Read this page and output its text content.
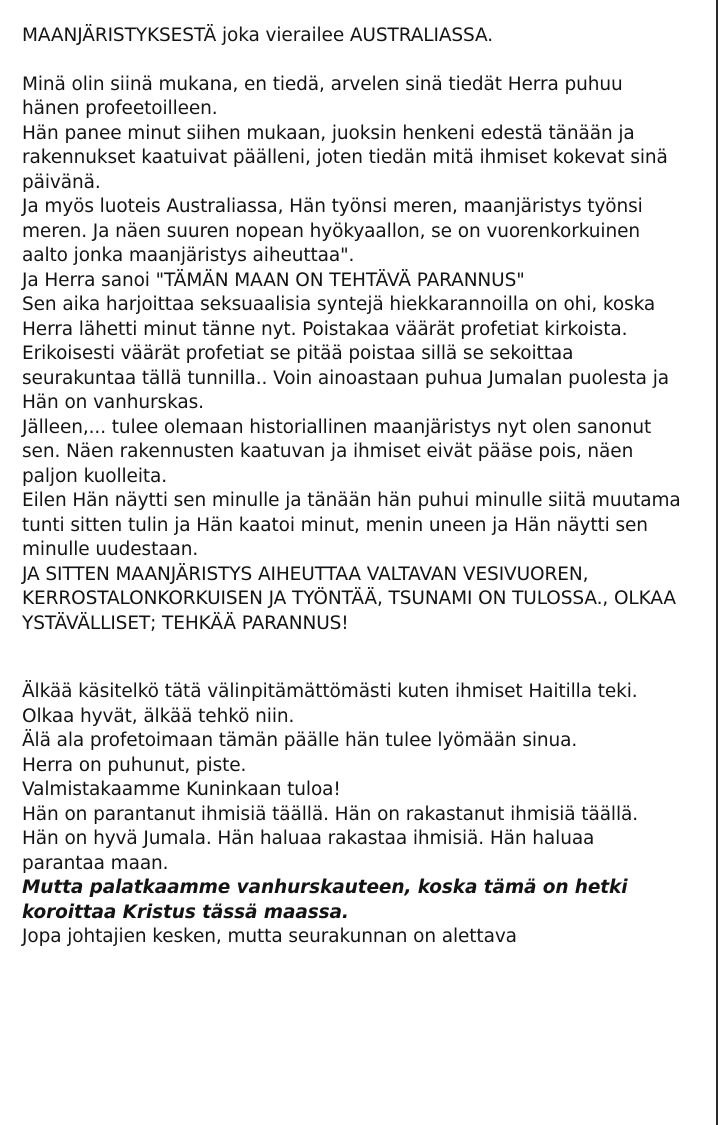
MAANJÄRISTYKSESTÄ joka vierailee AUSTRALIASSA.

Minä olin siinä mukana, en tiedä, arvelen sinä tiedät Herra puhuu hänen profeetoilleen.

Hän panee minut siihen mukaan, juoksin henkeni edestä tänään ja rakennukset kaatuivat päälleni, joten tiedän mitä ihmiset kokevat sinä päivänä.

Ja myös luoteis Australiassa, Hän työnsi meren, maanjäristys työnsi meren. Ja näen suuren nopean hyökyaallon, se on vuorenkorkuinen aalto jonka maanjäristys aiheuttaa".

Ja Herra sanoi "TÄMÄN MAAN ON TEHTÄVÄ PARANNUS"

Sen aika harjoittaa seksuaalisia syntejä hiekkarannoilla on ohi, koska Herra lähetti minut tänne nyt. Poistakaa väärät profetiat kirkoista. Erikoisesti väärät profetiat se pitää poistaa sillä se sekoittaa seurakuntaa tällä tunnilla.. Voin ainoastaan puhua Jumalan puolesta ja Hän on vanhurskas.

Jälleen,... tulee olemaan historiallinen maanjäristys nyt olen sanonut sen. Näen rakennusten kaatuvan ja ihmiset eivät pääse pois, näen paljon kuolleita.

Eilen Hän näytti sen minulle ja tänään hän puhui minulle siitä muutama tunti sitten tulin ja Hän kaatoi minut, menin uneen ja Hän näytti sen minulle uudestaan.

JA SITTEN MAANJÄRISTYS AIHEUTTAA VALTAVAN VESIVUOREN, KERROSTALONKORKUISEN JA TYÖNTÄÄ, TSUNAMI ON TULOSSA., OLKAA YSTÄVÄLLISET; TEHKÄÄ PARANNUS!

Älkää käsitelkö tätä välinpitämättömästi kuten ihmiset Haitilla teki.

Olkaa hyvät, älkää tehkö niin.

Älä ala profetoimaan tämän päälle hän tulee lyömään sinua.

Herra on puhunut, piste.

Valmistakaamme Kuninkaan tuloa!

Hän on parantanut ihmisiä täällä. Hän on rakastanut ihmisiä täällä.

Hän on hyvä Jumala. Hän haluaa rakastaa ihmisiä. Hän haluaa parantaa maan.

Mutta palatkaamme vanhurskauteen, koska tämä on hetki koroittaa Kristus tässä maassa.

Jopa johtajien kesken, mutta seurakunnan on alettava
